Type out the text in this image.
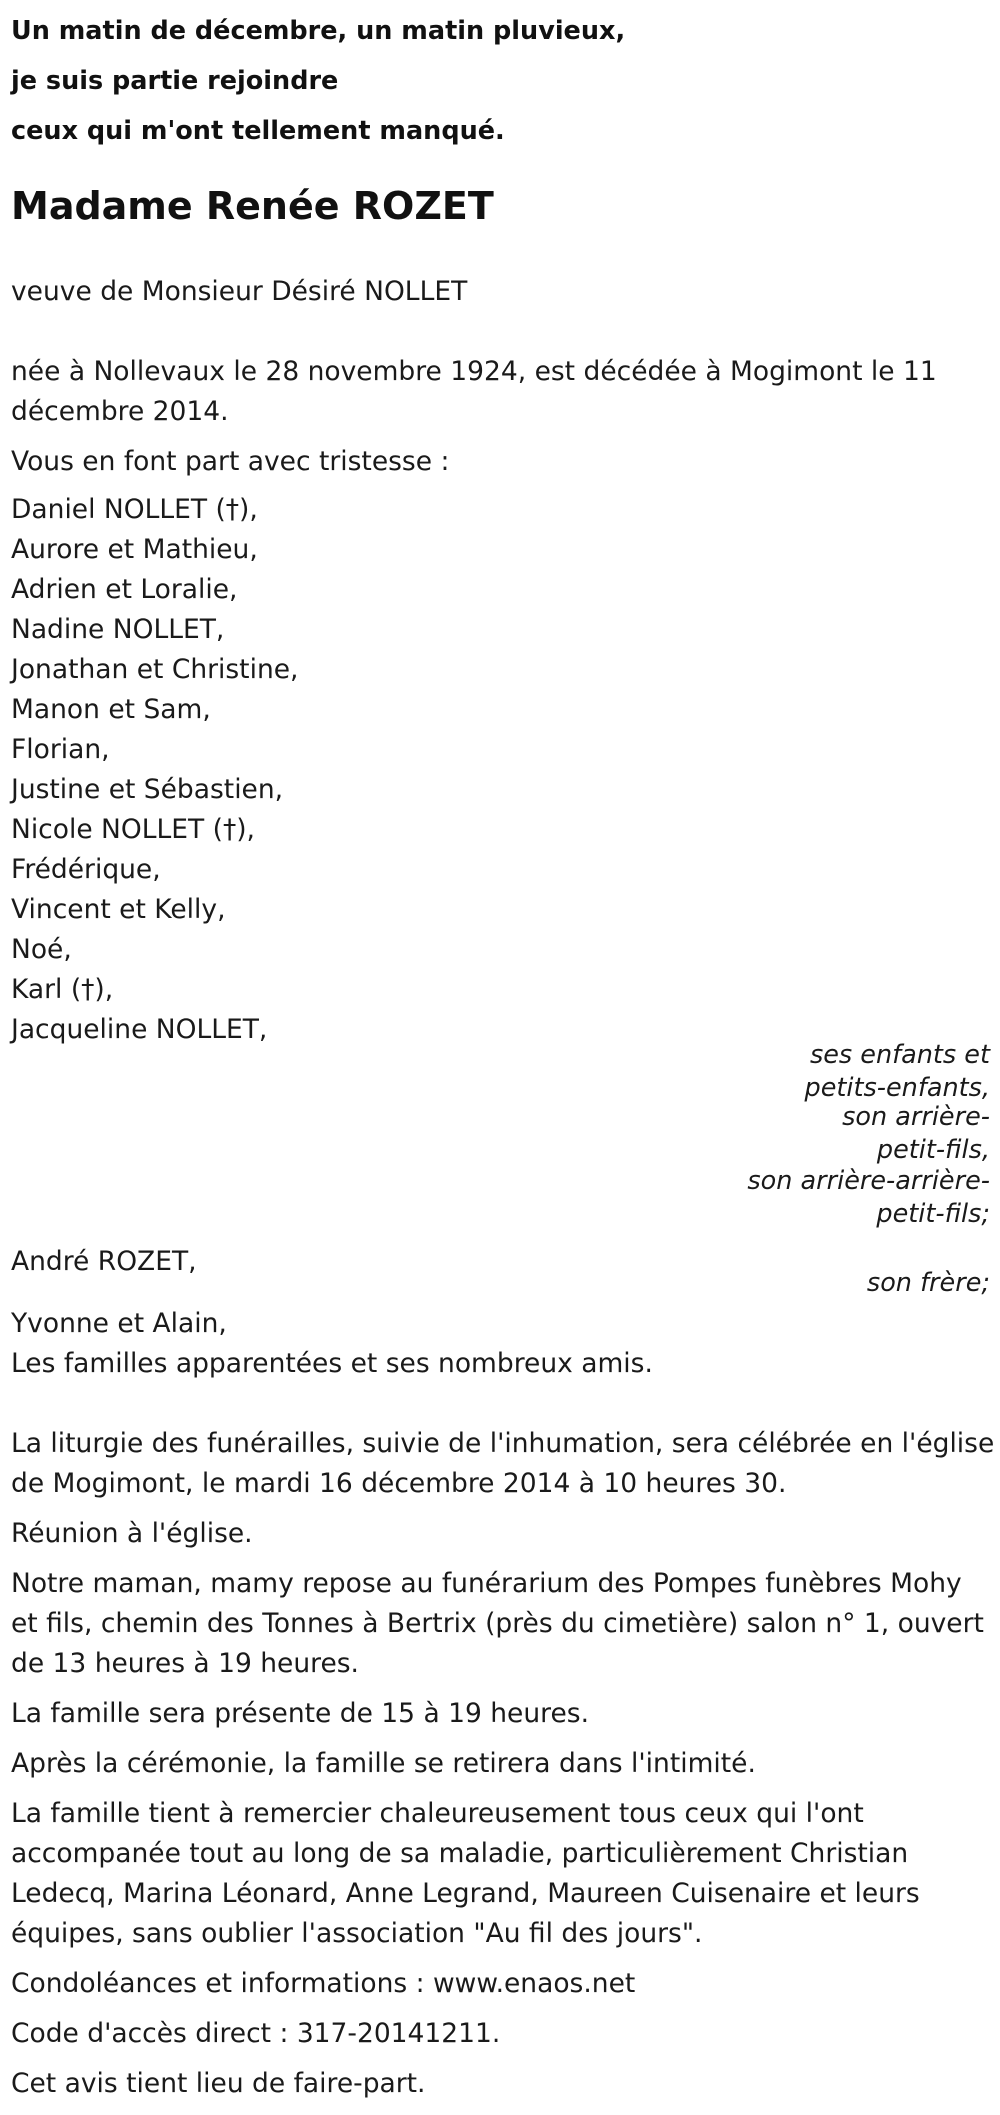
Un matin de décembre, un matin pluvieux,
je suis partie rejoindre
ceux qui m'ont tellement manqué.
Madame Renée ROZET
veuve de Monsieur Désiré NOLLET
née à Nollevaux le 28 novembre 1924, est décédée à Mogimont le 11
décembre 2014.
Vous en font part avec tristesse :
Daniel NOLLET (†),
Aurore et Mathieu,
Adrien et Loralie,
Nadine NOLLET,
Jonathan et Christine,
Manon et Sam,
Florian,
Justine et Sébastien,
Nicole NOLLET (†),
Frédérique,
Vincent et Kelly,
Noé,
Karl (†),
Jacqueline NOLLET,
ses enfants et
petits-enfants,
son arrière-
petit-fils,
son arrière-arrière-
petit-fils;
André ROZET,
son frère;
Yvonne et Alain,
Les familles apparentées et ses nombreux amis.
La liturgie des funérailles, suivie de l'inhumation, sera célébrée en l'église
de Mogimont, le mardi 16 décembre 2014 à 10 heures 30.
Réunion à l'église.
Notre maman, mamy repose au funérarium des Pompes funèbres Mohy
et fils, chemin des Tonnes à Bertrix (près du cimetière) salon n° 1, ouvert
de 13 heures à 19 heures.
La famille sera présente de 15 à 19 heures.
Après la cérémonie, la famille se retirera dans l'intimité.
La famille tient à remercier chaleureusement tous ceux qui l'ont
accompanée tout au long de sa maladie, particulièrement Christian
Ledecq, Marina Léonard, Anne Legrand, Maureen Cuisenaire et leurs
équipes, sans oublier l'association "Au fil des jours".
Condoléances et informations : www.enaos.net
Code d'accès direct : 317-20141211.
Cet avis tient lieu de faire-part.
